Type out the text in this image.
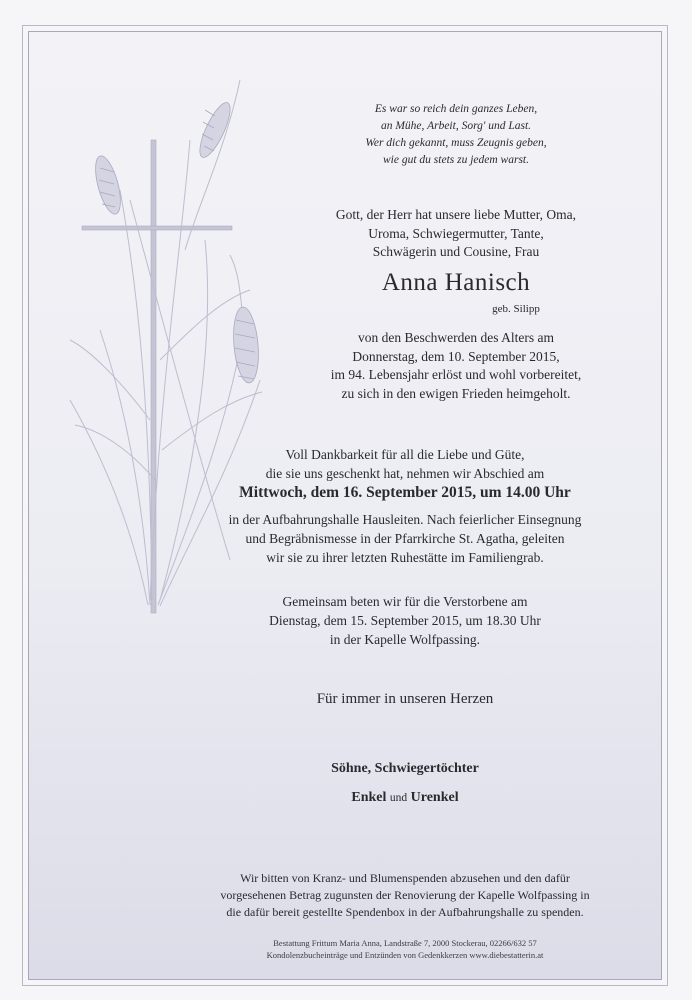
Es war so reich dein ganzes Leben,
an Mühe, Arbeit, Sorg' und Last.
Wer dich gekannt, muss Zeugnis geben,
wie gut du stets zu jedem warst.
Gott, der Herr hat unsere liebe Mutter, Oma,
Uroma, Schwiegermutter, Tante,
Schwägerin und Cousine, Frau
Anna Hanisch
geb. Silipp
von den Beschwerden des Alters am
Donnerstag, dem 10. September 2015,
im 94. Lebensjahr erlöst und wohl vorbereitet,
zu sich in den ewigen Frieden heimgeholt.
Voll Dankbarkeit für all die Liebe und Güte,
die sie uns geschenkt hat, nehmen wir Abschied am
Mittwoch, dem 16. September 2015, um 14.00 Uhr
in der Aufbahrungshalle Hausleiten. Nach feierlicher Einsegnung
und Begräbnismesse in der Pfarrkirche St. Agatha, geleiten
wir sie zu ihrer letzten Ruhestätte im Familiengrab.
Gemeinsam beten wir für die Verstorbene am
Dienstag, dem 15. September 2015, um 18.30 Uhr
in der Kapelle Wolfpassing.
Für immer in unseren Herzen
Söhne, Schwiegertöchter
Enkel und Urenkel
Wir bitten von Kranz- und Blumenspenden abzusehen und den dafür
vorgesehenen Betrag zugunsten der Renovierung der Kapelle Wolfpassing in
die dafür bereit gestellte Spendenbox in der Aufbahrungshalle zu spenden.
Bestattung Frittum Maria Anna, Landstraße 7, 2000 Stockerau, 02266/632 57
Kondolenzbucheinträge und Entzünden von Gedenkkerzen www.diebestatterin.at
